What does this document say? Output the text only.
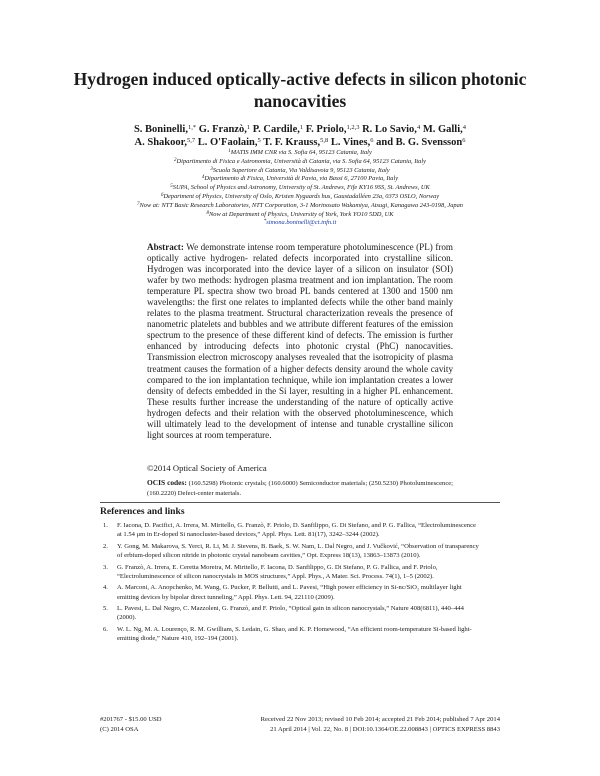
Hydrogen induced optically-active defects in silicon photonic nanocavities
S. Boninelli,$^{1,*}$ G. Franzò,$^1$ P. Cardile,$^1$ F. Priolo,$^{1,2,3}$ R. Lo Savio,$^4$ M. Galli,$^4$
A. Shakoor,$^{5,7}$ L. O'Faolain,$^5$ T. F. Krauss,$^{5,8}$ L. Vines,$^6$ and B. G. Svensson$^6$

$^1$MATIS IMM CNR via S. Sofia 64, 95123 Catania, Italy

$^2$Dipartimento di Fisica e Astronomia, Università di Catania, via S. Sofia 64, 95123 Catania, Italy

$^3$Scuola Superiore di Catania, Via Valdisavoia 9, 95123 Catania, Italy

$^4$Dipartimento di Fisica, Università di Pavia, via Bassi 6, 27100 Pavia, Italy

$^5$SUPA, School of Physics and Astronomy, University of St. Andrews, Fife KY16 9SS, St. Andrews, UK

$^6$Department of Physics, University of Oslo, Kristen Nygaards hus, Gaustadalléen 23a, 0373 OSLO, Norway

$^7$Now at: NTT Basic Research Laboratories, NTT Corporation, 3-1 Morinosato Wakamiya, Atsugi, Kanagawa 243-0198, Japan

$^8$Now at Department of Physics, University of York, York YO10 5DD, UK

*simona.boninelli@ct.infn.it

Abstract: We demonstrate intense room temperature photoluminescence (PL) from optically active hydrogen- related defects incorporated into crystalline silicon. Hydrogen was incorporated into the device layer of a silicon on insulator (SOI) wafer by two methods: hydrogen plasma treatment and ion implantation. The room temperature PL spectra show two broad PL bands centered at 1300 and 1500 nm wavelengths: the first one relates to implanted defects while the other band mainly relates to the plasma treatment. Structural characterization reveals the presence of nanometric platelets and bubbles and we attribute different features of the emission spectrum to the presence of these different kind of defects. The emission is further enhanced by introducing defects into photonic crystal (PhC) nanocavities. Transmission electron microscopy analyses revealed that the isotropicity of plasma treatment causes the formation of a higher defects density around the whole cavity compared to the ion implantation technique, while ion implantation creates a lower density of defects embedded in the Si layer, resulting in a higher PL enhancement. These results further increase the understanding of the nature of optically active hydrogen defects and their relation with the observed photoluminescence, which will ultimately lead to the development of intense and tunable crystalline silicon light sources at room temperature.

©2014 Optical Society of America

OCIS codes: (160.5298) Photonic crystals; (160.6000) Semiconductor materials; (250.5230) Photoluminescence; (160.2220) Defect-center materials.

References and links
1. F. Iacona, D. Pacifici, A. Irrera, M. Miritello, G. Franzò, F. Priolo, D. Sanfilippo, G. Di Stefano, and P. G. Fallica, “Electroluminescence at 1.54 μm in Er-doped Si nanocluster-based devices,” Appl. Phys. Lett. 81(17), 3242–3244 (2002).
2. Y. Gong, M. Makarova, S. Yerci, R. Li, M. J. Stevens, B. Baek, S. W. Nam, L. Dal Negro, and J. Vučković, “Observation of transparency of erbium-doped silicon nitride in photonic crystal nanobeam cavities,” Opt. Express 18(13), 13863–13873 (2010).
3. G. Franzò, A. Irrera, E. Ceretta Moreira, M. Miritello, F. Iacona, D. Sanfilippo, G. Di Stefano, P. G. Fallica, and F. Priolo, “Electroluminescence of silicon nanocrystals in MOS structures,” Appl. Phys., A Mater. Sci. Process. 74(1), 1–5 (2002).
4. A. Marconi, A. Anopchenko, M. Wang, G. Pucker, P. Bellutti, and L. Pavesi, “High power efficiency in Si-nc/SiO₂ multilayer light emitting devices by bipolar direct tunneling,” Appl. Phys. Lett. 94, 221110 (2009).
5. L. Pavesi, L. Dal Negro, C. Mazzoleni, G. Franzò, and F. Priolo, “Optical gain in silicon nanocrystals,” Nature 408(6811), 440–444 (2000).
6. W. L. Ng, M. A. Lourenço, R. M. Gwilliam, S. Ledain, G. Shao, and K. P. Homewood, “An efficient room-temperature Si-based light-emitting diode,” Nature 410, 192–194 (2001).

#201767 - $15.00 USD

(C) 2014 OSA

Received 22 Nov 2013; revised 10 Feb 2014; accepted 21 Feb 2014; published 7 Apr 2014

21 April 2014 | Vol. 22, No. 8 | DOI:10.1364/OE.22.008843 | OPTICS EXPRESS 8843
